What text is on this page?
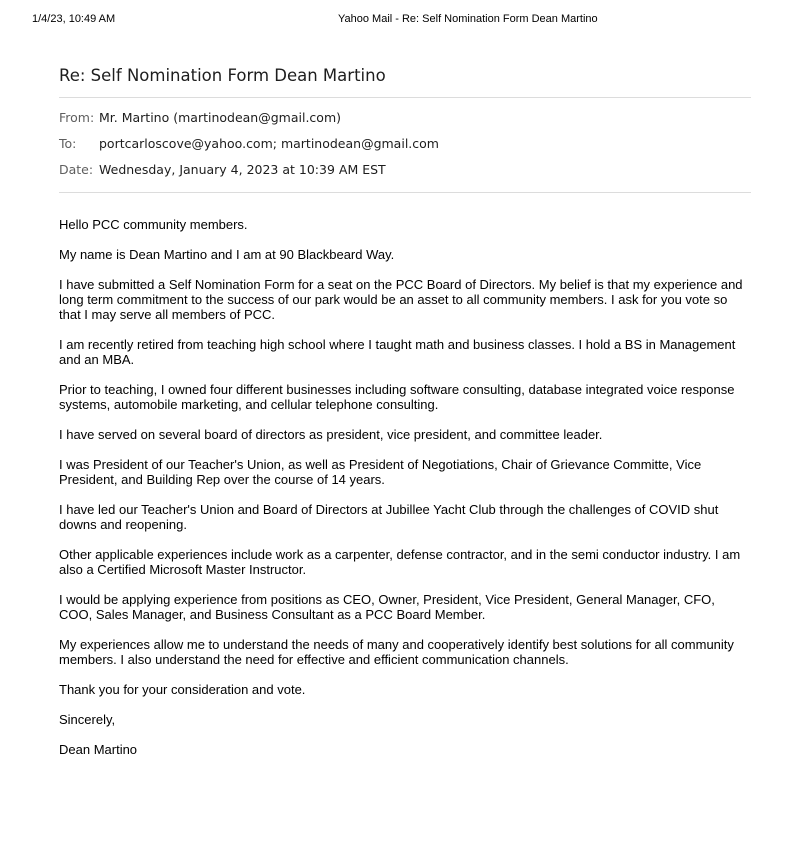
1/4/23, 10:49 AM	Yahoo Mail - Re: Self Nomination Form Dean Martino
Re: Self Nomination Form Dean Martino
From: Mr. Martino (martinodean@gmail.com)
To: portcarloscove@yahoo.com; martinodean@gmail.com
Date: Wednesday, January 4, 2023 at 10:39 AM EST

Hello PCC community members.

My name is Dean Martino and I am at 90 Blackbeard Way.

I have submitted a Self Nomination Form for a seat on the PCC Board of Directors. My belief is that my experience and long term commitment to the success of our park would be an asset to all community members. I ask for you vote so that I may serve all members of PCC.

I am recently retired from teaching high school where I taught math and business classes. I hold a BS in Management and an MBA.

Prior to teaching, I owned four different businesses including software consulting, database integrated voice response systems, automobile marketing, and cellular telephone consulting.

I have served on several board of directors as president, vice president, and committee leader.

I was President of our Teacher's Union, as well as President of Negotiations, Chair of Grievance Committe, Vice President, and Building Rep over the course of 14 years.

I have led our Teacher's Union and Board of Directors at Jubillee Yacht Club through the challenges of COVID shut downs and reopening.

Other applicable experiences include work as a carpenter, defense contractor, and in the semi conductor industry. I am also a Certified Microsoft Master Instructor.

I would be applying experience from positions as CEO, Owner, President, Vice President, General Manager, CFO, COO, Sales Manager, and Business Consultant as a PCC Board Member.

My experiences allow me to understand the needs of many and cooperatively identify best solutions for all community members. I also understand the need for effective and efficient communication channels.

Thank you for your consideration and vote.

Sincerely,

Dean Martino
